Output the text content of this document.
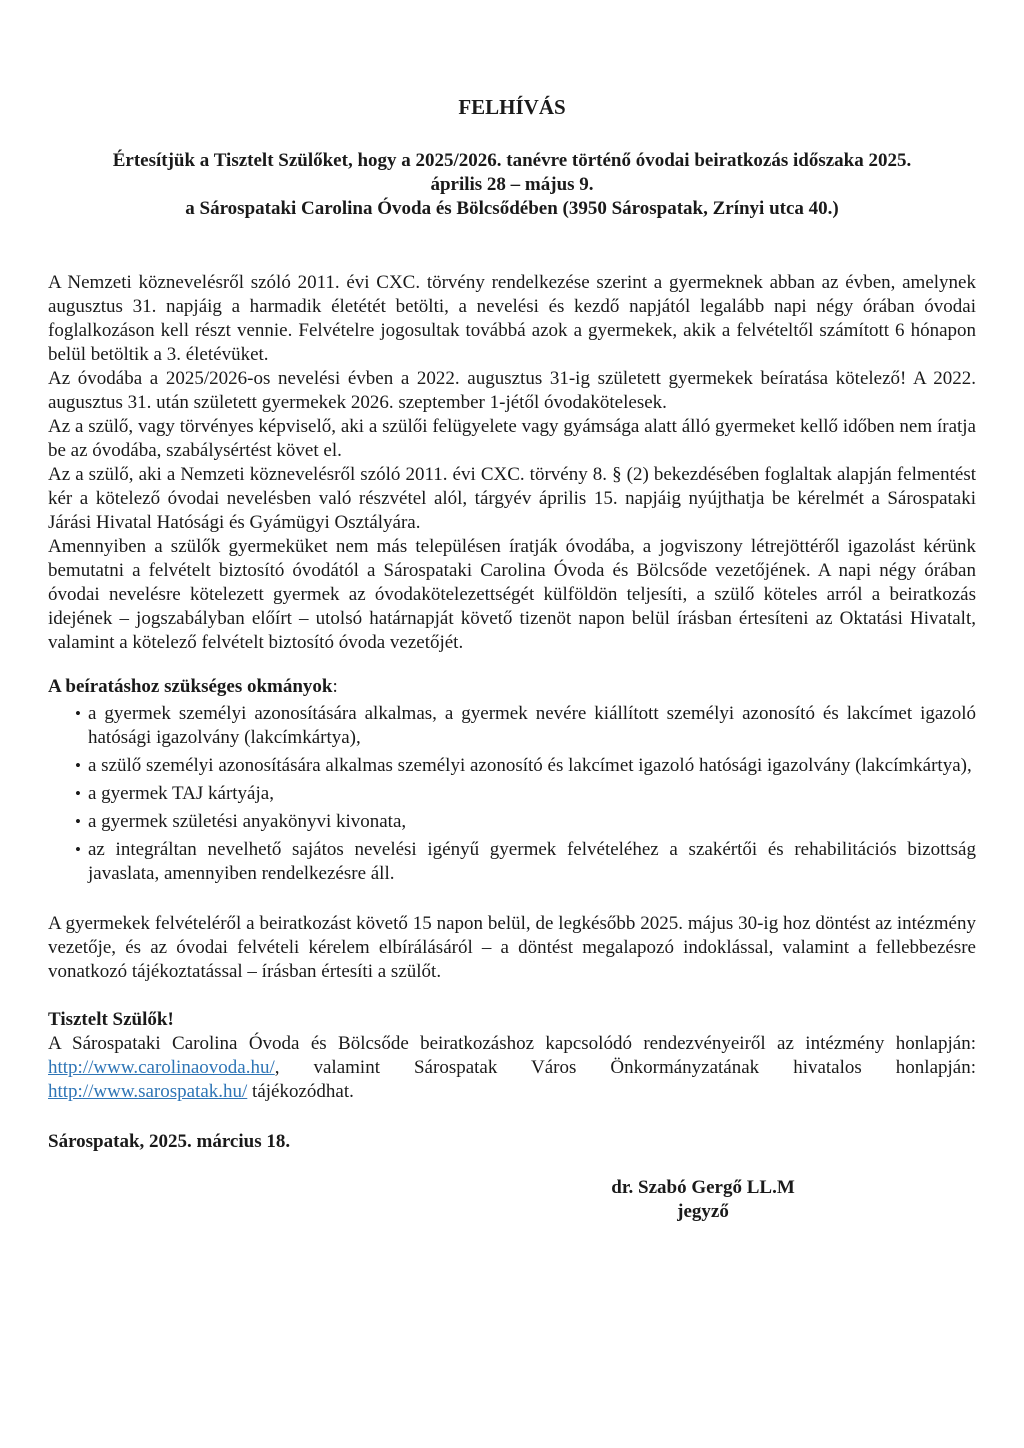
FELHÍVÁS
Értesítjük a Tisztelt Szülőket, hogy a 2025/2026. tanévre történő óvodai beiratkozás időszaka 2025.
április 28 – május 9.
a Sárospataki Carolina Óvoda és Bölcsődében (3950 Sárospatak, Zrínyi utca 40.)

A Nemzeti köznevelésről szóló 2011. évi CXC. törvény rendelkezése szerint a gyermeknek abban az évben, amelynek augusztus 31. napjáig a harmadik életétét betölti, a nevelési és kezdő napjától legalább napi négy órában óvodai foglalkozáson kell részt vennie. Felvételre jogosultak továbbá azok a gyermekek, akik a felvételtől számított 6 hónapon belül betöltik a 3. életévüket.

Az óvodába a 2025/2026-os nevelési évben a 2022. augusztus 31-ig született gyermekek beíratása kötelező! A 2022. augusztus 31. után született gyermekek 2026. szeptember 1-jétől óvodakötelesek.

Az a szülő, vagy törvényes képviselő, aki a szülői felügyelete vagy gyámsága alatt álló gyermeket kellő időben nem íratja be az óvodába, szabálysértést követ el.

Az a szülő, aki a Nemzeti köznevelésről szóló 2011. évi CXC. törvény 8. § (2) bekezdésében foglaltak alapján felmentést kér a kötelező óvodai nevelésben való részvétel alól, tárgyév április 15. napjáig nyújthatja be kérelmét a Sárospataki Járási Hivatal Hatósági és Gyámügyi Osztályára.

Amennyiben a szülők gyermeküket nem más településen íratják óvodába, a jogviszony létrejöttéről igazolást kérünk bemutatni a felvételt biztosító óvodától a Sárospataki Carolina Óvoda és Bölcsőde vezetőjének. A napi négy órában óvodai nevelésre kötelezett gyermek az óvodakötelezettségét külföldön teljesíti, a szülő köteles arról a beiratkozás idejének – jogszabályban előírt – utolsó határnapját követő tizenöt napon belül írásban értesíteni az Oktatási Hivatalt, valamint a kötelező felvételt biztosító óvoda vezetőjét.

A beíratáshoz szükséges okmányok:
• a gyermek személyi azonosítására alkalmas, a gyermek nevére kiállított személyi azonosító és lakcímet igazoló hatósági igazolvány (lakcímkártya),
• a szülő személyi azonosítására alkalmas személyi azonosító és lakcímet igazoló hatósági igazolvány (lakcímkártya),
• a gyermek TAJ kártyája,
• a gyermek születési anyakönyvi kivonata,
• az integráltan nevelhető sajátos nevelési igényű gyermek felvételéhez a szakértői és rehabilitációs bizottság javaslata, amennyiben rendelkezésre áll.

A gyermekek felvételéről a beiratkozást követő 15 napon belül, de legkésőbb 2025. május 30-ig hoz döntést az intézmény vezetője, és az óvodai felvételi kérelem elbírálásáról – a döntést megalapozó indoklással, valamint a fellebbezésre vonatkozó tájékoztatással – írásban értesíti a szülőt.

Tisztelt Szülők!
A Sárospataki Carolina Óvoda és Bölcsőde beiratkozáshoz kapcsolódó rendezvényeiről az intézmény honlapján: http://www.carolinaovoda.hu/, valamint Sárospatak Város Önkormányzatának hivatalos honlapján: http://www.sarospatak.hu/ tájékozódhat.
Sárospatak, 2025. március 18.
dr. Szabó Gergő LL.M
jegyző
